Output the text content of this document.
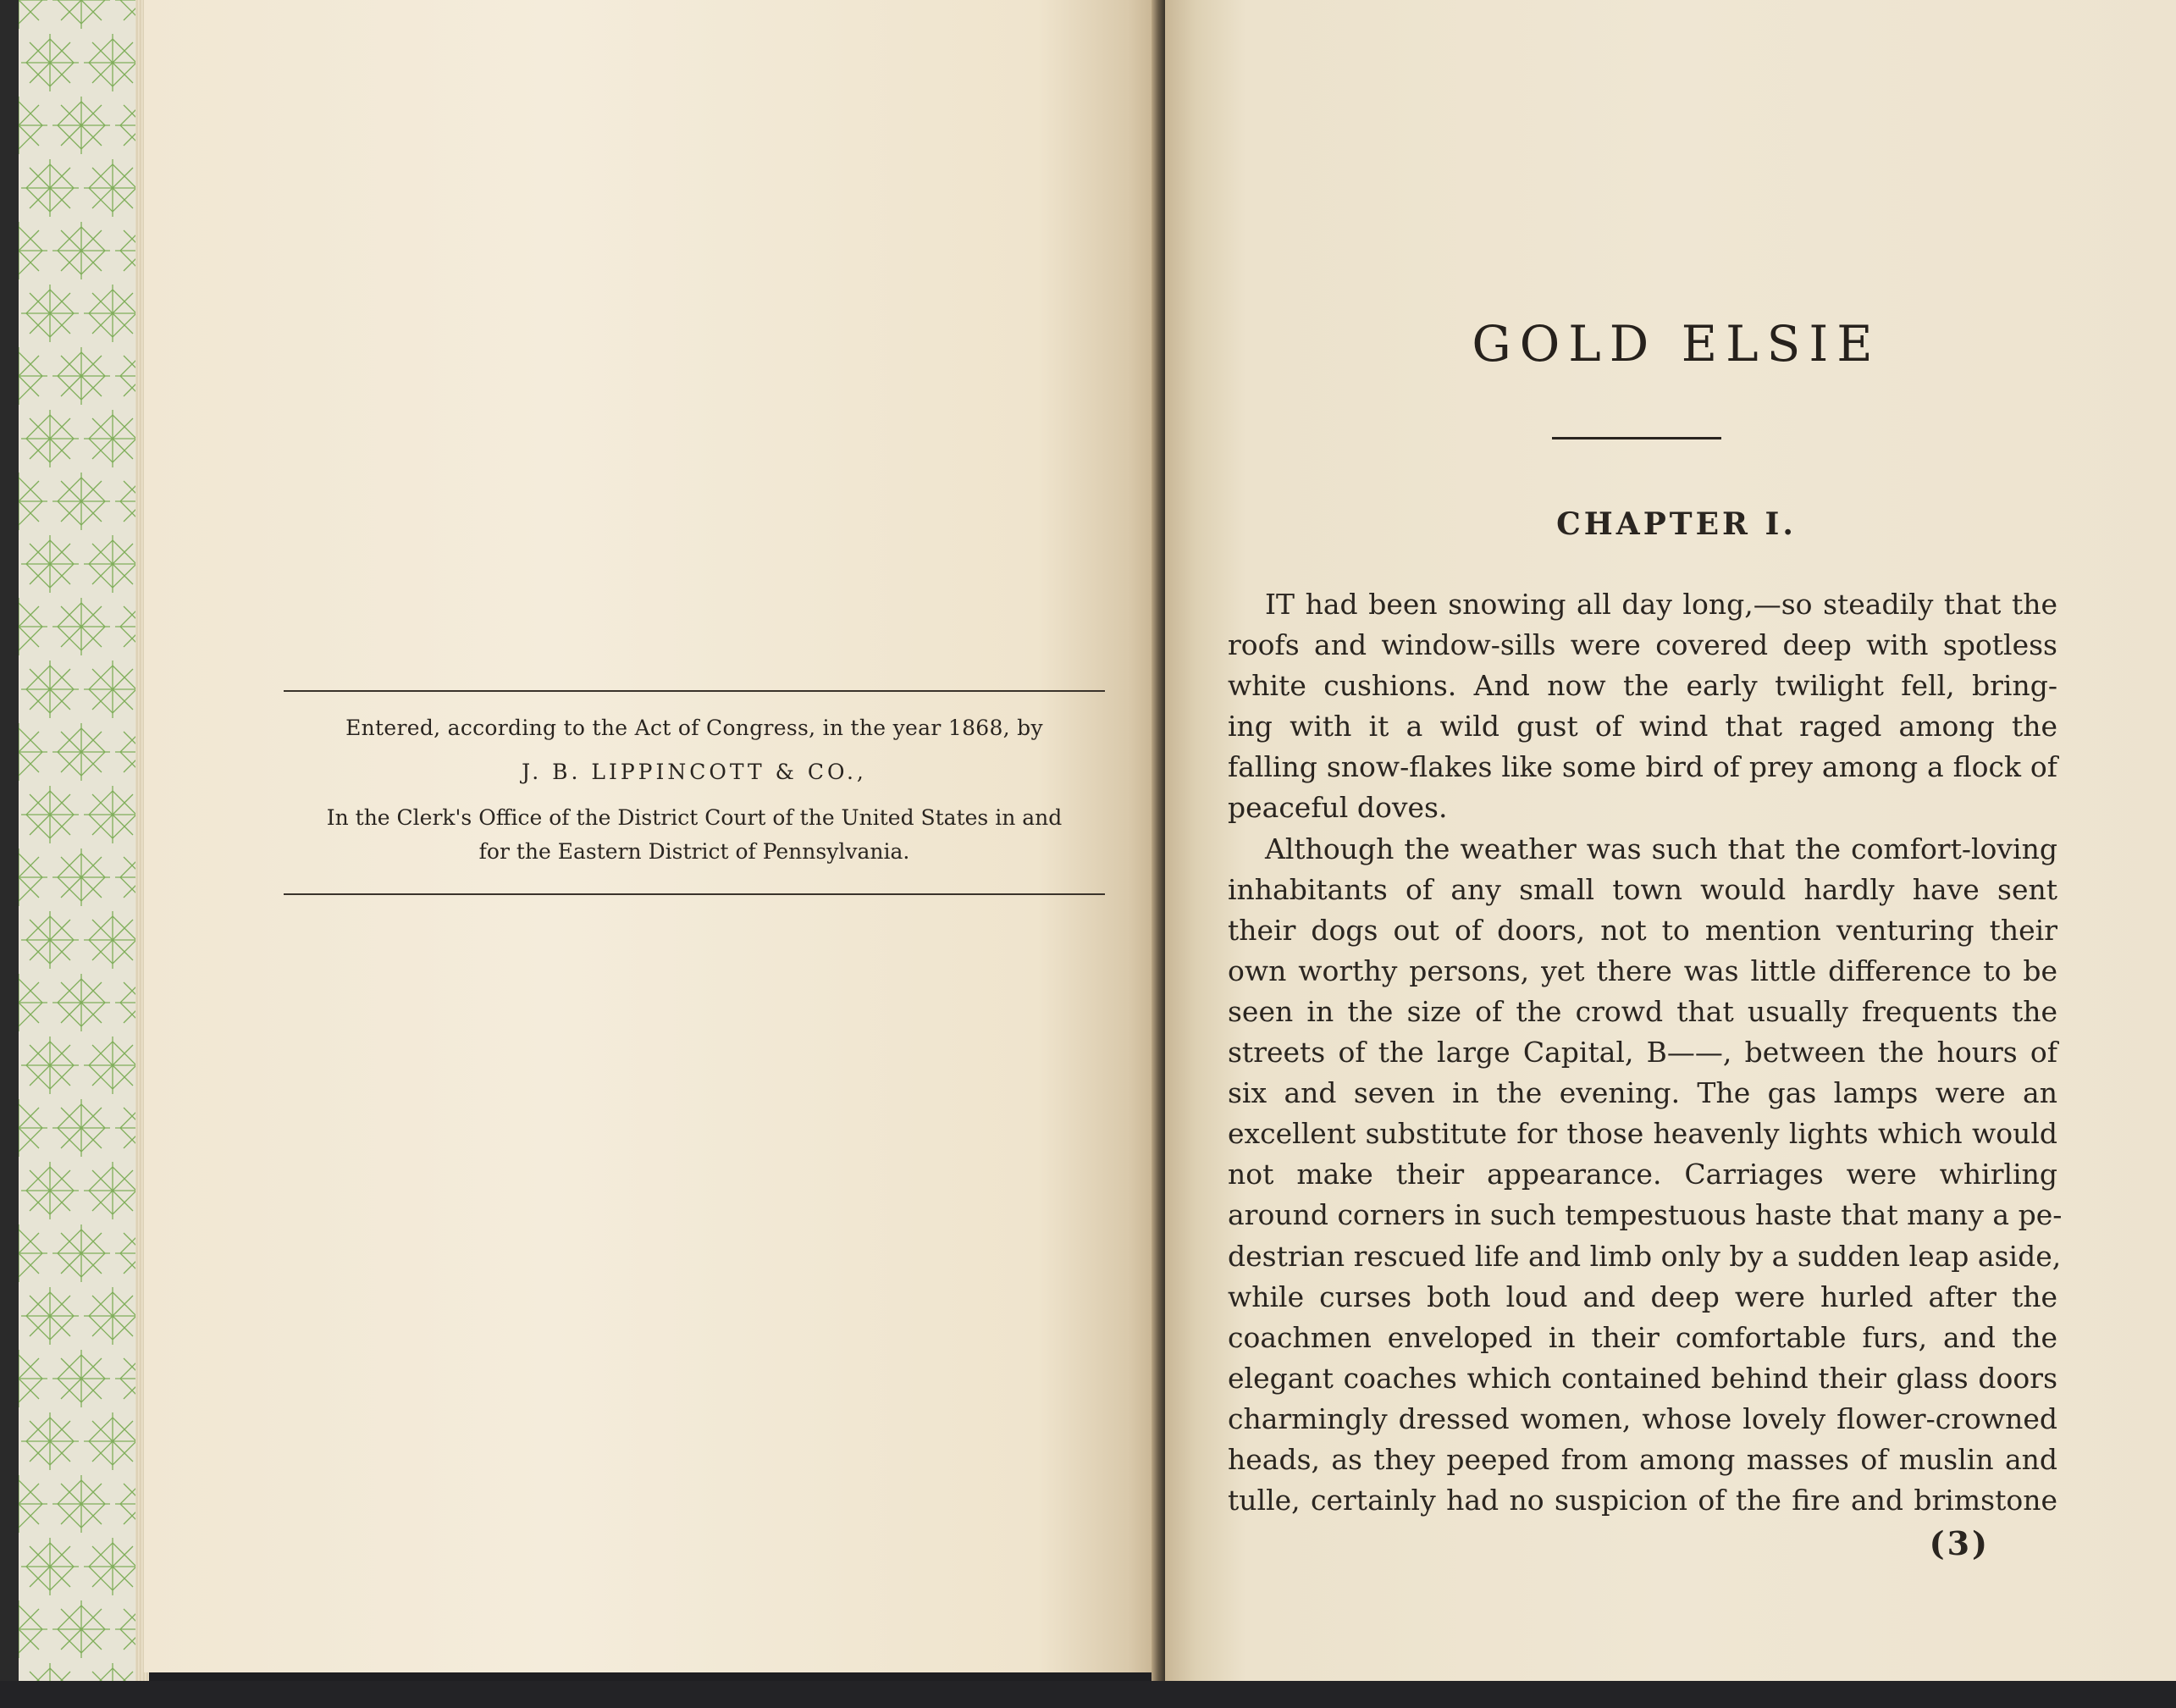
Entered, according to the Act of Congress, in the year 1868, by
J. B. LIPPINCOTT & CO.,
In the Clerk's Office of the District Court of the United States in and
for the Eastern District of Pennsylvania.
GOLD ELSIE
CHAPTER I.
IT had been snowing all day long,—so steadily that the
roofs and window-sills were covered deep with spotless
white cushions. And now the early twilight fell, bring-
ing with it a wild gust of wind that raged among the
falling snow-flakes like some bird of prey among a flock of
peaceful doves.
Although the weather was such that the comfort-loving
inhabitants of any small town would hardly have sent
their dogs out of doors, not to mention venturing their
own worthy persons, yet there was little difference to be
seen in the size of the crowd that usually frequents the
streets of the large Capital, B——, between the hours of
six and seven in the evening. The gas lamps were an
excellent substitute for those heavenly lights which would
not make their appearance. Carriages were whirling
around corners in such tempestuous haste that many a pe-
destrian rescued life and limb only by a sudden leap aside,
while curses both loud and deep were hurled after the
coachmen enveloped in their comfortable furs, and the
elegant coaches which contained behind their glass doors
charmingly dressed women, whose lovely flower-crowned
heads, as they peeped from among masses of muslin and
tulle, certainly had no suspicion of the fire and brimstone
(3)
